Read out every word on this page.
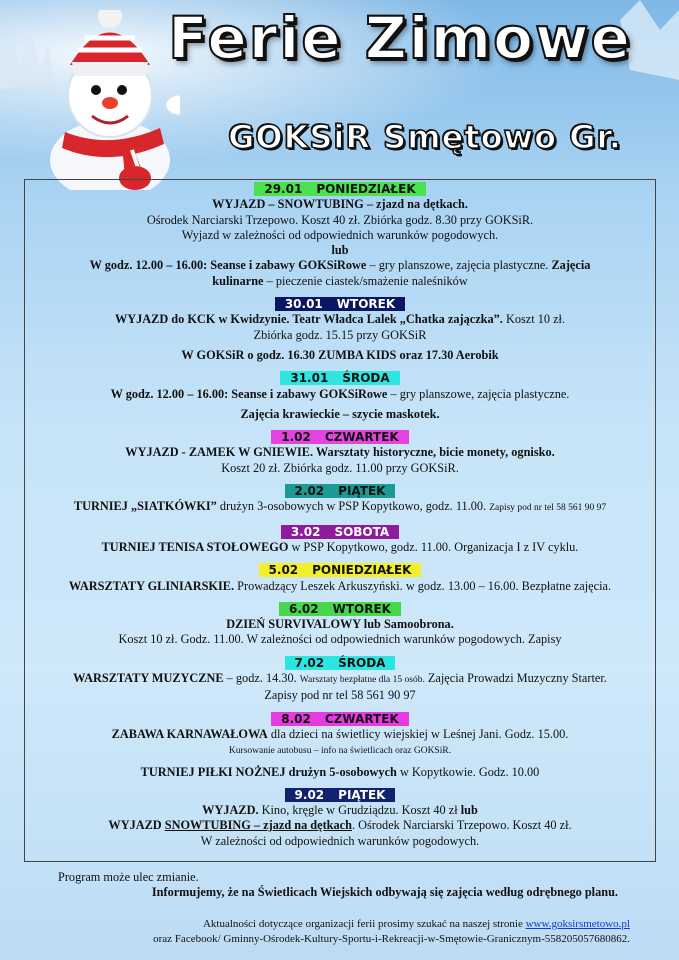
Ferie Zimowe
GOKSiR Smętowo Gr.
29.01 PONIEDZIAŁEK
WYJAZD – SNOWTUBING – zjazd na dętkach.
Ośrodek Narciarski Trzepowo. Koszt 40 zł. Zbiórka godz. 8.30 przy GOKSiR.
Wyjazd w zależności od odpowiednich warunków pogodowych.
lub
W godz. 12.00 – 16.00: Seanse i zabawy GOKSiRowe – gry planszowe, zajęcia plastyczne. Zajęcia
kulinarne – pieczenie ciastek/smażenie naleśników
30.01 WTOREK
WYJAZD do KCK w Kwidzynie. Teatr Władca Lalek „Chatka zajączka”. Koszt 10 zł.
Zbiórka godz. 15.15 przy GOKSiR
W GOKSiR o godz. 16.30 ZUMBA KIDS oraz 17.30 Aerobik
31.01 ŚRODA
W godz. 12.00 – 16.00: Seanse i zabawy GOKSiRowe – gry planszowe, zajęcia plastyczne.
Zajęcia krawieckie – szycie maskotek.
1.02 CZWARTEK
WYJAZD - ZAMEK W GNIEWIE. Warsztaty historyczne, bicie monety, ognisko.
Koszt 20 zł. Zbiórka godz. 11.00 przy GOKSiR.
2.02 PIĄTEK
TURNIEJ „SIATKÓWKI” drużyn 3-osobowych w PSP Kopytkowo, godz. 11.00. Zapisy pod nr tel 58 561 90 97
3.02 SOBOTA
TURNIEJ TENISA STOŁOWEGO w PSP Kopytkowo, godz. 11.00. Organizacja I z IV cyklu.
5.02 PONIEDZIAŁEK
WARSZTATY GLINIARSKIE. Prowadzący Leszek Arkuszyński. w godz. 13.00 – 16.00. Bezpłatne zajęcia.
6.02 WTOREK
DZIEŃ SURVIVALOWY lub Samoobrona.
Koszt 10 zł. Godz. 11.00. W zależności od odpowiednich warunków pogodowych. Zapisy
7.02 ŚRODA
WARSZTATY MUZYCZNE – godz. 14.30. Warsztaty bezpłatne dla 15 osób. Zajęcia Prowadzi Muzyczny Starter.
Zapisy pod nr tel 58 561 90 97
8.02 CZWARTEK
ZABAWA KARNAWAŁOWA dla dzieci na świetlicy wiejskiej w Leśnej Jani. Godz. 15.00.
Kursowanie autobusu – info na świetlicach oraz GOKSiR.
TURNIEJ PIŁKI NOŻNEJ drużyn 5-osobowych w Kopytkowie. Godz. 10.00
9.02 PIĄTEK
WYJAZD. Kino, kręgle w Grudziądzu. Koszt 40 zł lub
WYJAZD SNOWTUBING – zjazd na dętkach. Ośrodek Narciarski Trzepowo. Koszt 40 zł.
W zależności od odpowiednich warunków pogodowych.
Program może ulec zmianie.
Informujemy, że na Świetlicach Wiejskich odbywają się zajęcia według odrębnego planu.
Aktualności dotyczące organizacji ferii prosimy szukać na naszej stronie www.goksirsmetowo.pl
oraz Facebook/ Gminny-Ośrodek-Kultury-Sportu-i-Rekreacji-w-Smętowie-Granicznym-558205057680862.
